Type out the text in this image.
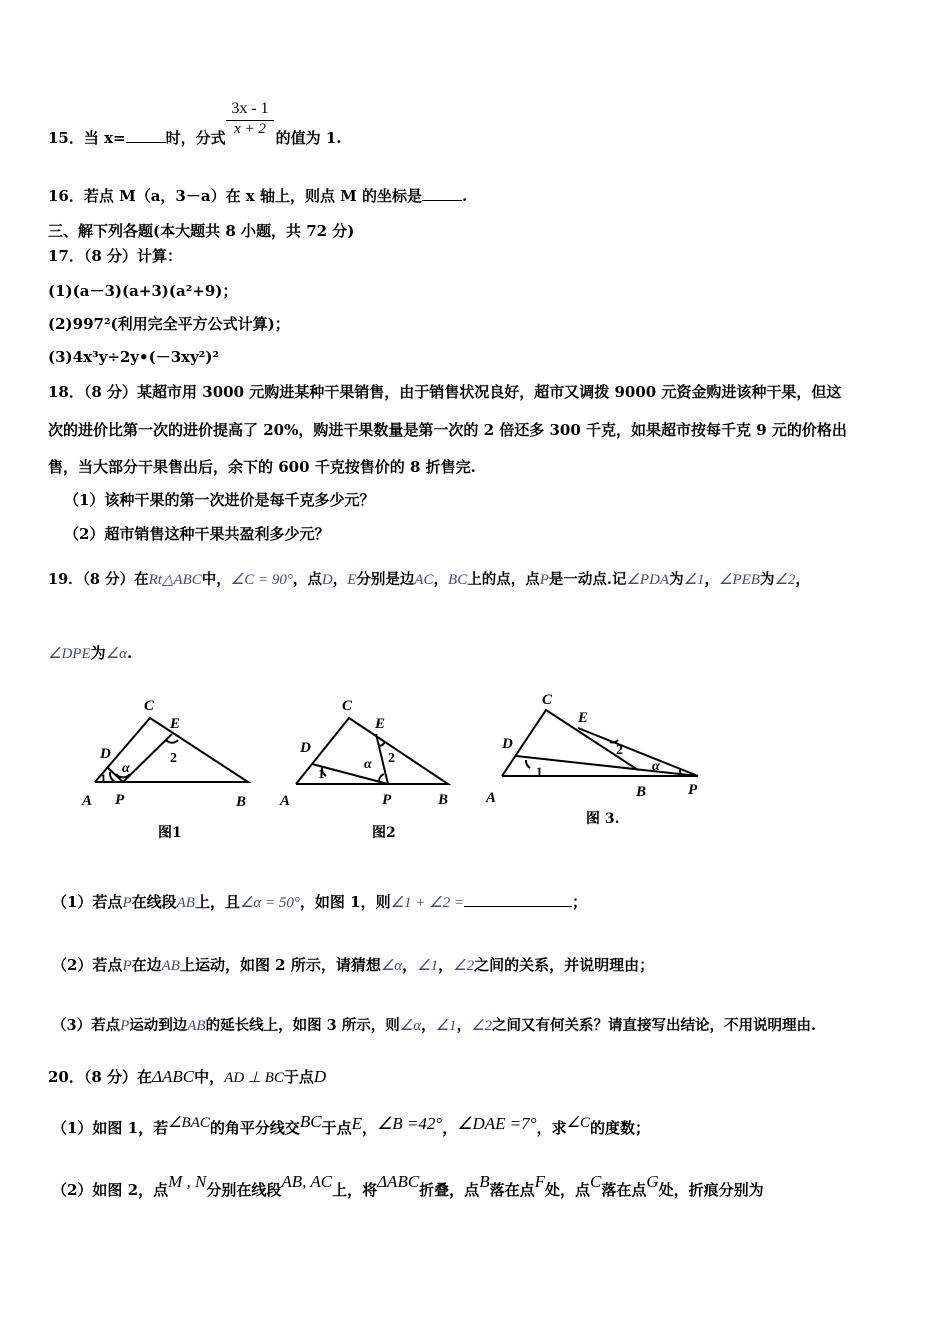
15．当 x=	时，分式	的值为 1.
$\frac{3x - 1}{x + 2}$
16．若点 M（a，3－a）在 x 轴上，则点 M 的坐标是	.
三、解下列各题(本大题共 8 小题，共 72 分)
17．（8 分）计算：
(1)(a－3)(a+3)(a²+9)；
(2)997²(利用完全平方公式计算)；
(3)4x³y÷2y•(－3xy²)²
18．（8 分）某超市用 3000 元购进某种干果销售，由于销售状况良好，超市又调拨 9000 元资金购进该种干果，但这
次的进价比第一次的进价提高了 20%，购进干果数量是第一次的 2 倍还多 300 千克，如果超市按每千克 9 元的价格出
售，当大部分干果售出后，余下的 600 千克按售价的 8 折售完.
（1）该种干果的第一次进价是每千克多少元？
（2）超市销售这种干果共盈利多少元？
19．（8 分）在Rt△ABC中，∠C = 90°，点D，E分别是边AC，BC上的点，点P是一动点.记∠PDA为∠1，∠PEB为∠2，
∠DPE为∠α.
A
C
E
D
P	B
1
α
2
A
C
E
D
P	B
1
α 2
A
C
E
D
B	P
1
2
α
图1	图2
图 3.
（1）若点P在线段AB上，且∠α = 50°，如图 1，则∠1 + ∠2 =	；
（2）若点P在边AB上运动，如图 2 所示，请猜想∠α，∠1，∠2之间的关系，并说明理由；
（3）若点P运动到边AB的延长线上，如图 3 所示，则∠α，∠1，∠2之间又有何关系？请直接写出结论，不用说明理由.
20．（8 分）在ΔABC中，AD ⊥ BC于点D
（1）如图 1，若∠BAC的角平分线交BC于点E，∠B =42°，∠DAE =7°，求∠C的度数；
（2）如图 2，点M , N分别在线段AB, AC上，将ΔABC折叠，点B落在点F处，点C落在点G处，折痕分别为
